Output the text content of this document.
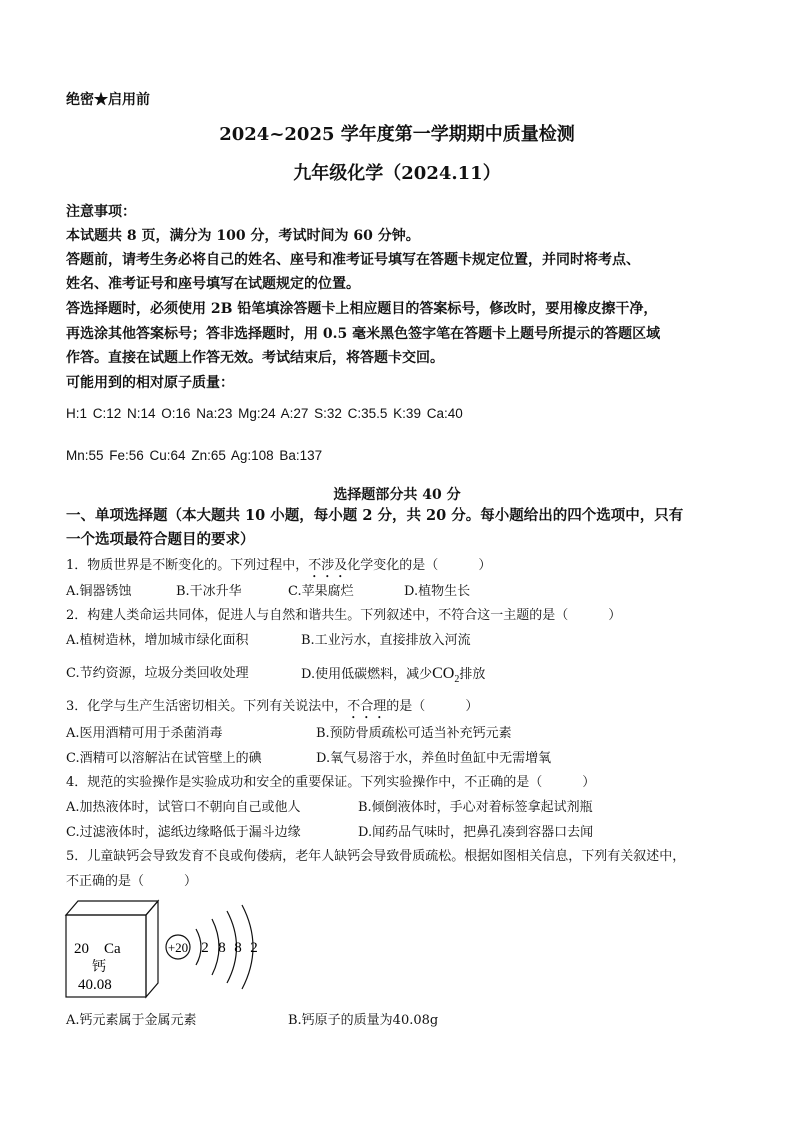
绝密★启用前
2024~2025 学年度第一学期期中质量检测
九年级化学（2024.11）
注意事项：
本试题共 8 页，满分为 100 分，考试时间为 60 分钟。
答题前，请考生务必将自己的姓名、座号和准考证号填写在答题卡规定位置，并同时将考点、
姓名、准考证号和座号填写在试题规定的位置。
答选择题时，必须使用 2B 铅笔填涂答题卡上相应题目的答案标号，修改时，要用橡皮擦干净，
再选涂其他答案标号；答非选择题时，用 0.5 毫米黑色签字笔在答题卡上题号所提示的答题区域
作答。直接在试题上作答无效。考试结束后，将答题卡交回。
可能用到的相对原子质量：
H:1 C:12 N:14 O:16 Na:23 Mg:24 A:27 S:32 C:35.5 K:39 Ca:40
Mn:55 Fe:56 Cu:64 Zn:65 Ag:108 Ba:137
选择题部分共 40 分
一、单项选择题（本大题共 10 小题，每小题 2 分，共 20 分。每小题给出的四个选项中，只有
一个选项最符合题目的要求）
1．物质世界是不断变化的。下列过程中，不涉及化学变化的是（	）
A.铜器锈蚀	B.干冰升华	C.苹果腐烂	D.植物生长
2．构建人类命运共同体，促进人与自然和谐共生。下列叙述中，不符合这一主题的是（	）
A.植树造林，增加城市绿化面积	B.工业污水，直接排放入河流
C.节约资源，垃圾分类回收处理	D.使用低碳燃料，减少$CO_2$排放
3．化学与生产生活密切相关。下列有关说法中，不合理的是（	）
A.医用酒精可用于杀菌消毒	B.预防骨质疏松可适当补充钙元素
C.酒精可以溶解沾在试管壁上的碘	D.氧气易溶于水，养鱼时鱼缸中无需增氧
4．规范的实验操作是实验成功和安全的重要保证。下列实验操作中，不正确的是（	）
A.加热液体时，试管口不朝向自己或他人	B.倾倒液体时，手心对着标签拿起试剂瓶
C.过滤液体时，滤纸边缘略低于漏斗边缘	D.闻药品气味时，把鼻孔凑到容器口去闻
5．儿童缺钙会导致发育不良或佝偻病，老年人缺钙会导致骨质疏松。根据如图相关信息，下列有关叙述中，
不正确的是（	）
20 Ca
钙
40.08
+20 2 8 8 2
A.钙元素属于金属元素	B.钙原子的质量为40.08g
